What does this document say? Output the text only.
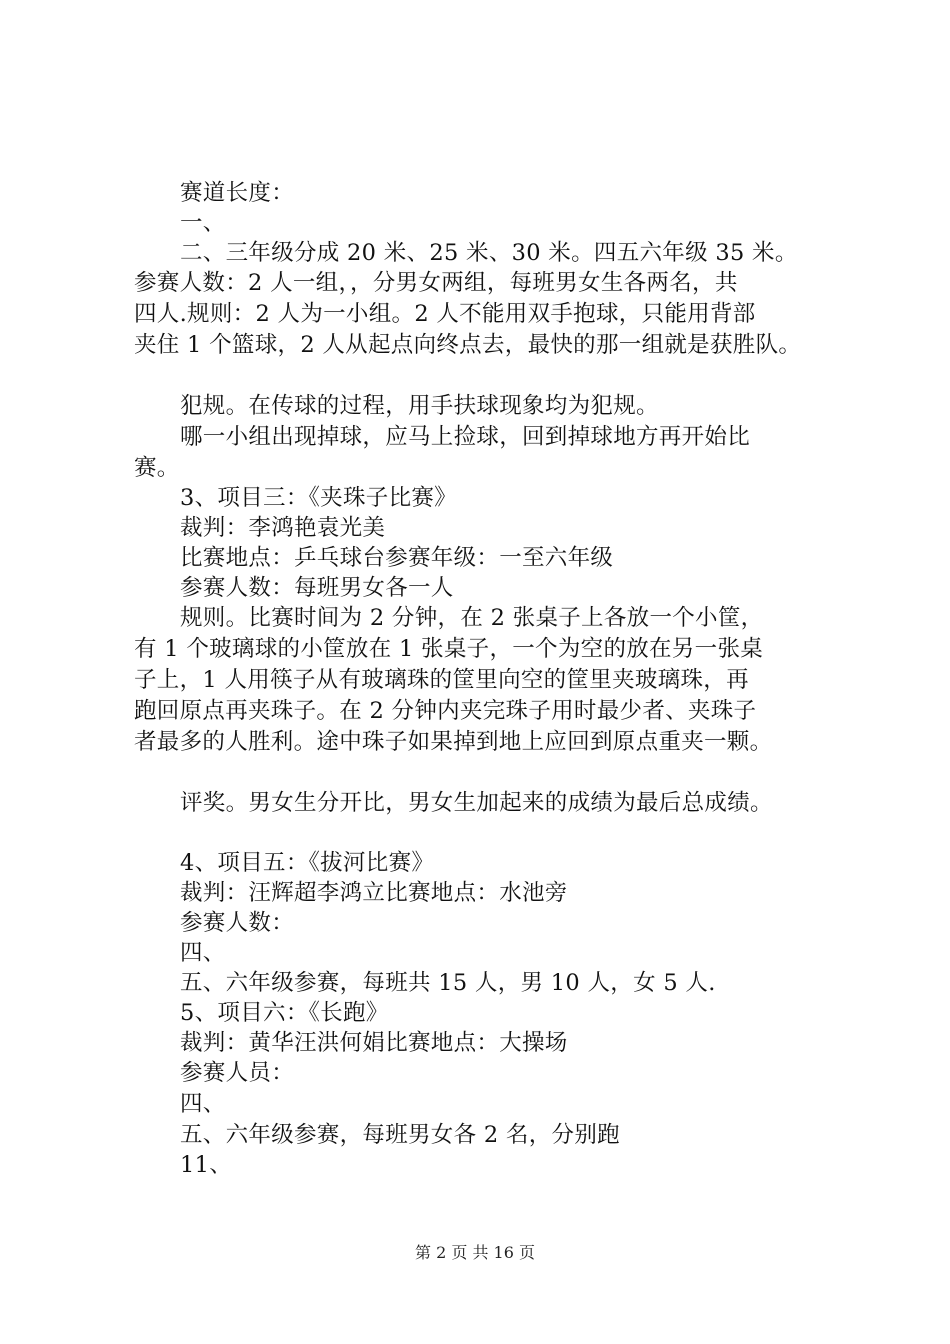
赛道长度：

一、

二、三年级分成 20 米、25 米、30 米。四五六年级 35 米。

参赛人数：2 人一组，，分男女两组，每班男女生各两名，共

四人.规则：2 人为一小组。2 人不能用双手抱球，只能用背部

夹住 1 个篮球，2 人从起点向终点去，最快的那一组就是获胜队。

犯规。在传球的过程，用手扶球现象均为犯规。

哪一小组出现掉球，应马上捡球，回到掉球地方再开始比

赛。

3、项目三：《夹珠子比赛》

裁判：李鸿艳袁光美

比赛地点：乒乓球台参赛年级：一至六年级

参赛人数：每班男女各一人

规则。比赛时间为 2 分钟，在 2 张桌子上各放一个小筐，

有 1 个玻璃球的小筐放在 1 张桌子，一个为空的放在另一张桌

子上，1 人用筷子从有玻璃珠的筐里向空的筐里夹玻璃珠，再

跑回原点再夹珠子。在 2 分钟内夹完珠子用时最少者、夹珠子

者最多的人胜利。途中珠子如果掉到地上应回到原点重夹一颗。

评奖。男女生分开比，男女生加起来的成绩为最后总成绩。

4、项目五：《拔河比赛》

裁判：汪辉超李鸿立比赛地点：水池旁

参赛人数：

四、

五、六年级参赛，每班共 15 人，男 10 人，女 5 人.

5、项目六：《长跑》

裁判：黄华汪洪何娟比赛地点：大操场

参赛人员：

四、

五、六年级参赛，每班男女各 2 名，分别跑

11、

第 2 页 共 16 页
